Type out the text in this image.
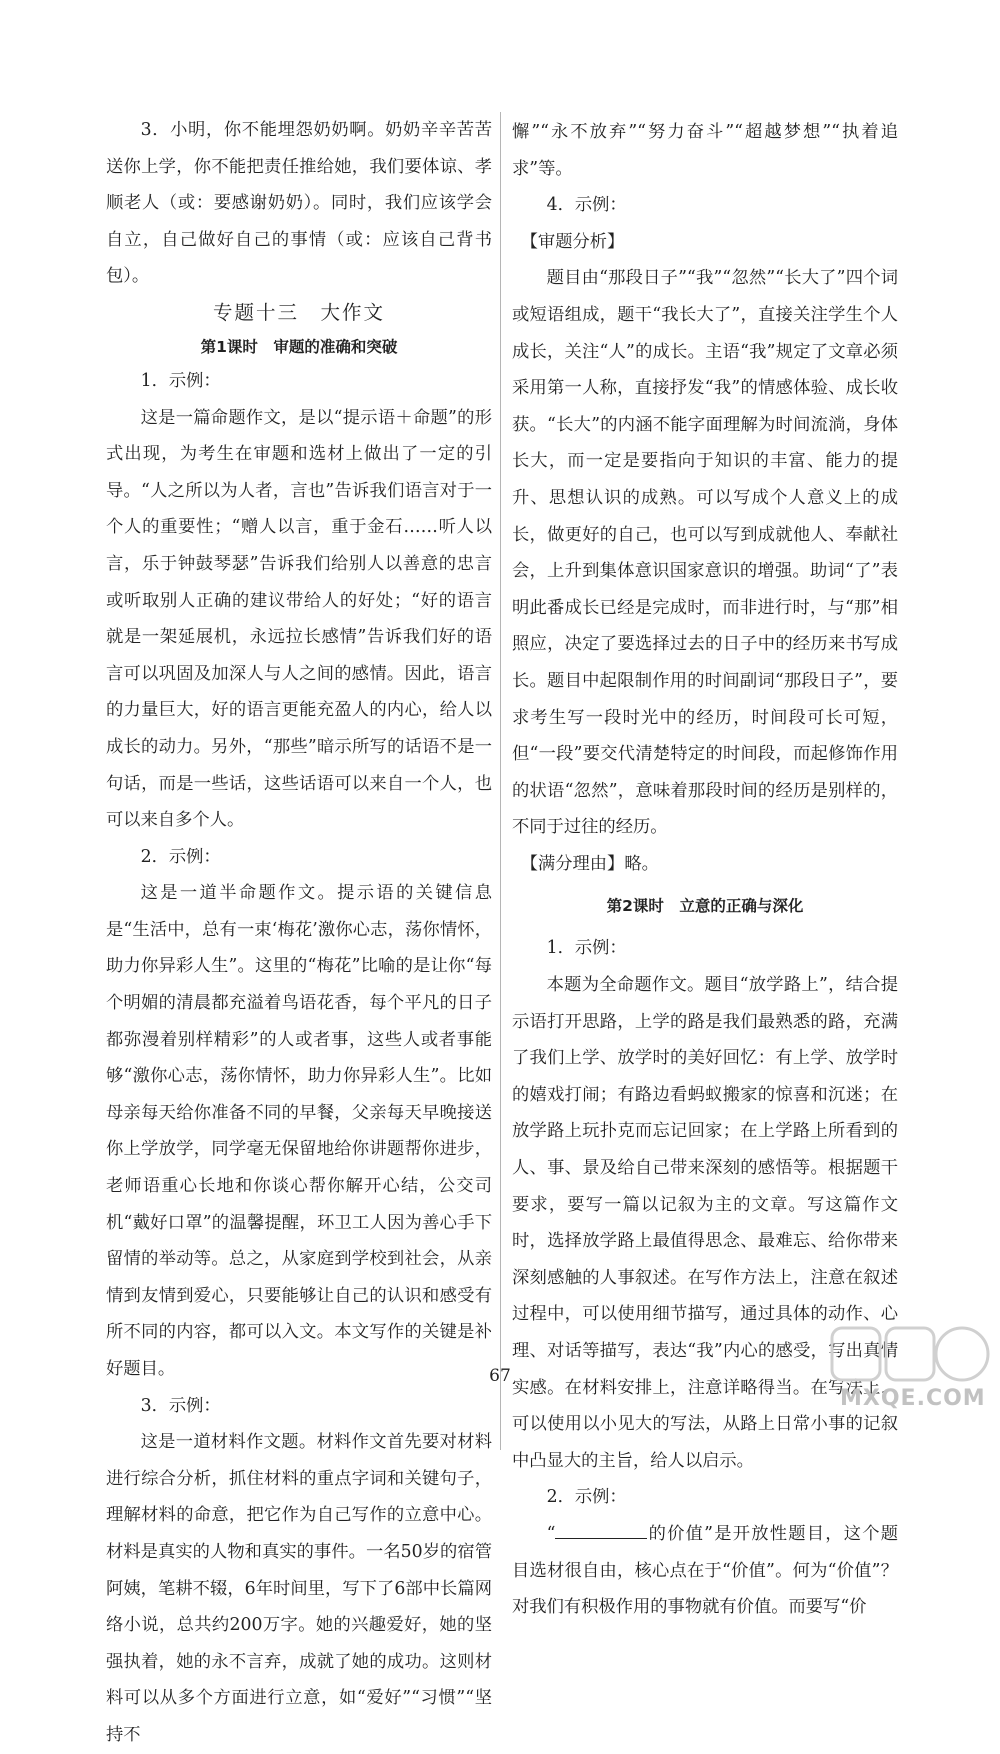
3．小明，你不能埋怨奶奶啊。奶奶辛辛苦苦送你上学，你不能把责任推给她，我们要体谅、孝顺老人（或：要感谢奶奶）。同时，我们应该学会自立，自己做好自己的事情（或：应该自己背书包）。

专题十三　大作文
第1课时　审题的准确和突破

1．示例：

这是一篇命题作文，是以“提示语＋命题”的形式出现，为考生在审题和选材上做出了一定的引导。“人之所以为人者，言也”告诉我们语言对于一个人的重要性；“赠人以言，重于金石……听人以言，乐于钟鼓琴瑟”告诉我们给别人以善意的忠言或听取别人正确的建议带给人的好处；“好的语言就是一架延展机，永远拉长感情”告诉我们好的语言可以巩固及加深人与人之间的感情。因此，语言的力量巨大，好的语言更能充盈人的内心，给人以成长的动力。另外，“那些”暗示所写的话语不是一句话，而是一些话，这些话语可以来自一个人，也可以来自多个人。

2．示例：

这是一道半命题作文。提示语的关键信息是“生活中，总有一束‘梅花’激你心志，荡你情怀，助力你异彩人生”。这里的“梅花”比喻的是让你“每个明媚的清晨都充溢着鸟语花香，每个平凡的日子都弥漫着别样精彩”的人或者事，这些人或者事能够“激你心志，荡你情怀，助力你异彩人生”。比如母亲每天给你准备不同的早餐，父亲每天早晚接送你上学放学，同学毫无保留地给你讲题帮你进步，老师语重心长地和你谈心帮你解开心结，公交司机“戴好口罩”的温馨提醒，环卫工人因为善心手下留情的举动等。总之，从家庭到学校到社会，从亲情到友情到爱心，只要能够让自己的认识和感受有所不同的内容，都可以入文。本文写作的关键是补好题目。

3．示例：

这是一道材料作文题。材料作文首先要对材料进行综合分析，抓住材料的重点字词和关键句子，理解材料的命意，把它作为自己写作的立意中心。材料是真实的人物和真实的事件。一名50岁的宿管阿姨，笔耕不辍，6年时间里，写下了6部中长篇网络小说，总共约200万字。她的兴趣爱好，她的坚强执着，她的永不言弃，成就了她的成功。这则材料可以从多个方面进行立意，如“爱好”“习惯”“坚持不

懈”“永不放弃”“努力奋斗”“超越梦想”“执着追求”等。

4．示例：

【审题分析】

题目由“那段日子”“我”“忽然”“长大了”四个词或短语组成，题干“我长大了”，直接关注学生个人成长，关注“人”的成长。主语“我”规定了文章必须采用第一人称，直接抒发“我”的情感体验、成长收获。“长大”的内涵不能字面理解为时间流淌，身体长大，而一定是要指向于知识的丰富、能力的提升、思想认识的成熟。可以写成个人意义上的成长，做更好的自己，也可以写到成就他人、奉献社会，上升到集体意识国家意识的增强。助词“了”表明此番成长已经是完成时，而非进行时，与“那”相照应，决定了要选择过去的日子中的经历来书写成长。题目中起限制作用的时间副词“那段日子”，要求考生写一段时光中的经历，时间段可长可短，但“一段”要交代清楚特定的时间段，而起修饰作用的状语“忽然”，意味着那段时间的经历是别样的，不同于过往的经历。

【满分理由】略。

第2课时　立意的正确与深化

1．示例：

本题为全命题作文。题目“放学路上”，结合提示语打开思路，上学的路是我们最熟悉的路，充满了我们上学、放学时的美好回忆：有上学、放学时的嬉戏打闹；有路边看蚂蚁搬家的惊喜和沉迷；在放学路上玩扑克而忘记回家；在上学路上所看到的人、事、景及给自己带来深刻的感悟等。根据题干要求，要写一篇以记叙为主的文章。写这篇作文时，选择放学路上最值得思念、最难忘、给你带来深刻感触的人事叙述。在写作方法上，注意在叙述过程中，可以使用细节描写，通过具体的动作、心理、对话等描写，表达“我”内心的感受，写出真情实感。在材料安排上，注意详略得当。在写法上，可以使用以小见大的写法，从路上日常小事的记叙中凸显大的主旨，给人以启示。

2．示例：

“	的价值”是开放性题目，这个题目选材很自由，核心点在于“价值”。何为“价值”？对我们有积极作用的事物就有价值。而要写“价

67
MXQE.COM
